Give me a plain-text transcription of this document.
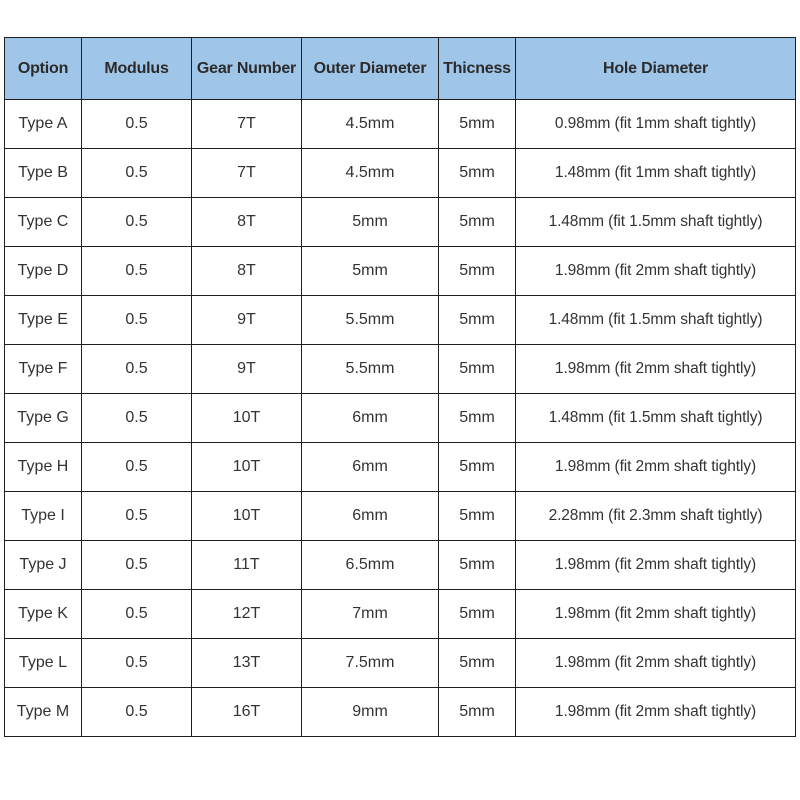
Option	Modulus	Gear Number	Outer Diameter	Thicness	Hole Diameter
Type A	0.5	7T	4.5mm	5mm	0.98mm (fit 1mm shaft tightly)
Type B	0.5	7T	4.5mm	5mm	1.48mm (fit 1mm shaft tightly)
Type C	0.5	8T	5mm	5mm	1.48mm (fit 1.5mm shaft tightly)
Type D	0.5	8T	5mm	5mm	1.98mm (fit 2mm shaft tightly)
Type E	0.5	9T	5.5mm	5mm	1.48mm (fit 1.5mm shaft tightly)
Type F	0.5	9T	5.5mm	5mm	1.98mm (fit 2mm shaft tightly)
Type G	0.5	10T	6mm	5mm	1.48mm (fit 1.5mm shaft tightly)
Type H	0.5	10T	6mm	5mm	1.98mm (fit 2mm shaft tightly)
Type I	0.5	10T	6mm	5mm	2.28mm (fit 2.3mm shaft tightly)
Type J	0.5	11T	6.5mm	5mm	1.98mm (fit 2mm shaft tightly)
Type K	0.5	12T	7mm	5mm	1.98mm (fit 2mm shaft tightly)
Type L	0.5	13T	7.5mm	5mm	1.98mm (fit 2mm shaft tightly)
Type M	0.5	16T	9mm	5mm	1.98mm (fit 2mm shaft tightly)
